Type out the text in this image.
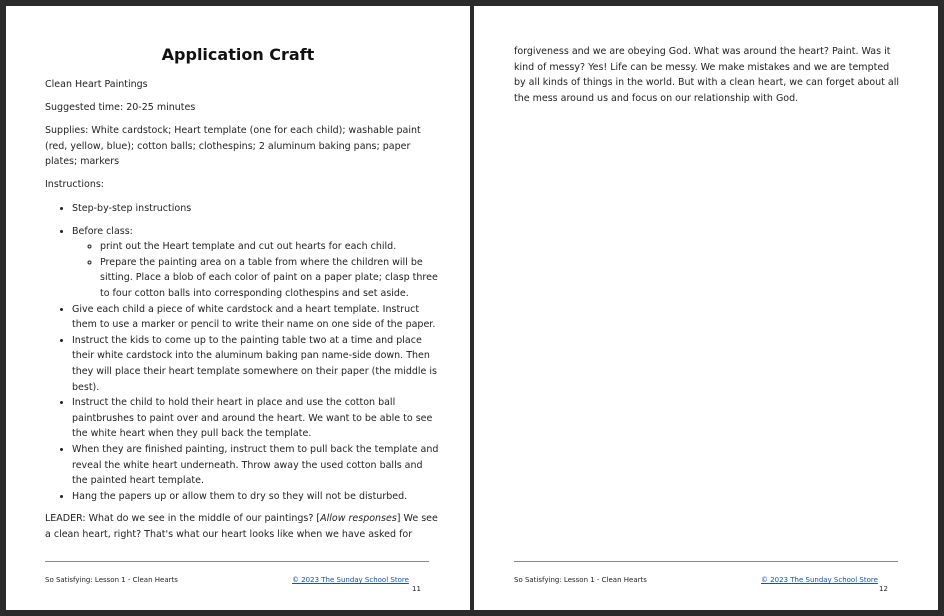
Application Craft

Clean Heart Paintings

Suggested time: 20-25 minutes

Supplies: White cardstock; Heart template (one for each child); washable paint (red, yellow, blue); cotton balls; clothespins; 2 aluminum baking pans; paper plates; markers

Instructions:

• Step-by-step instructions
• Before class:
◦ print out the Heart template and cut out hearts for each child.
◦ Prepare the painting area on a table from where the children will be sitting. Place a blob of each color of paint on a paper plate; clasp three to four cotton balls into corresponding clothespins and set aside.
• Give each child a piece of white cardstock and a heart template. Instruct them to use a marker or pencil to write their name on one side of the paper.
• Instruct the kids to come up to the painting table two at a time and place their white cardstock into the aluminum baking pan name-side down. Then they will place their heart template somewhere on their paper (the middle is best).
• Instruct the child to hold their heart in place and use the cotton ball paintbrushes to paint over and around the heart. We want to be able to see the white heart when they pull back the template.
• When they are finished painting, instruct them to pull back the template and reveal the white heart underneath. Throw away the used cotton balls and the painted heart template.
• Hang the papers up or allow them to dry so they will not be disturbed.

LEADER: What do we see in the middle of our paintings? [Allow responses] We see a clean heart, right? That's what our heart looks like when we have asked for

So Satisfying: Lesson 1 - Clean Hearts	© 2023 The Sunday School Store
11
forgiveness and we are obeying God. What was around the heart? Paint. Was it kind of messy? Yes! Life can be messy. We make mistakes and we are tempted by all kinds of things in the world. But with a clean heart, we can forget about all the mess around us and focus on our relationship with God.
So Satisfying: Lesson 1 - Clean Hearts	© 2023 The Sunday School Store
12
